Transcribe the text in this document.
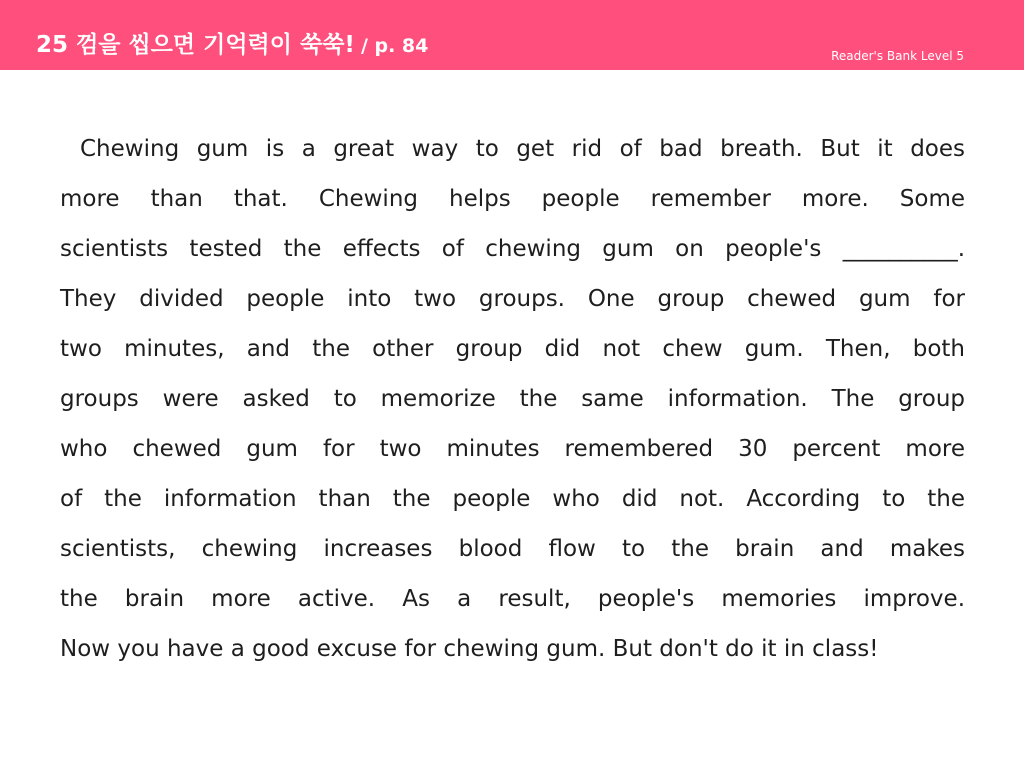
25 껌을 씹으면 기억력이 쑥쑥! / p. 84	Reader's Bank Level 5
Chewing gum is a great way to get rid of bad breath. But it does
more than that. Chewing helps people remember more. Some
scientists tested the effects of chewing gum on people's __________.
They divided people into two groups. One group chewed gum for
two minutes, and the other group did not chew gum. Then, both
groups were asked to memorize the same information. The group
who chewed gum for two minutes remembered 30 percent more
of the information than the people who did not. According to the
scientists, chewing increases blood flow to the brain and makes
the brain more active. As a result, people's memories improve.
Now you have a good excuse for chewing gum. But don't do it in class!
